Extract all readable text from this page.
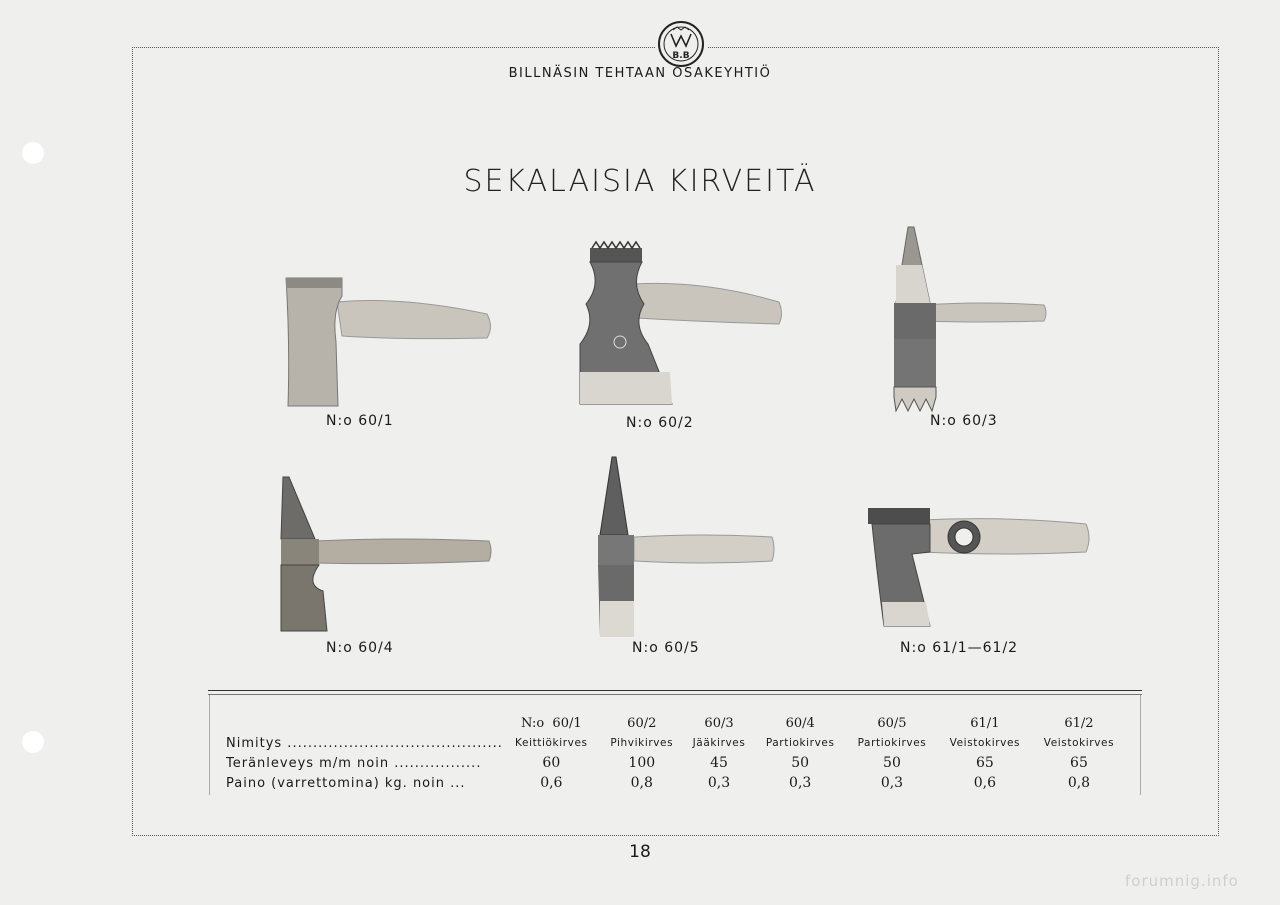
B.B
BILLNÄSIN TEHTAAN OSAKEYHTIÖ
SEKALAISIA KIRVEITÄ
N:o 60/1	N:o 60/2	N:o 60/3
N:o 60/4	N:o 60/5	N:o 61/1—61/2
	N:o 60/1	60/2	60/3	60/4	60/5	61/1	61/2
Nimitys ..........................................	Keittiökirves	Pihvikirves	Jääkirves	Partiokirves	Partiokirves	Veistokirves	Veistokirves
Teränleveys m/m noin .................	60	100	45	50	50	65	65
Paino (varrettomina) kg. noin ...	0,6	0,8	0,3	0,3	0,3	0,6	0,8
18
forumnig.info
